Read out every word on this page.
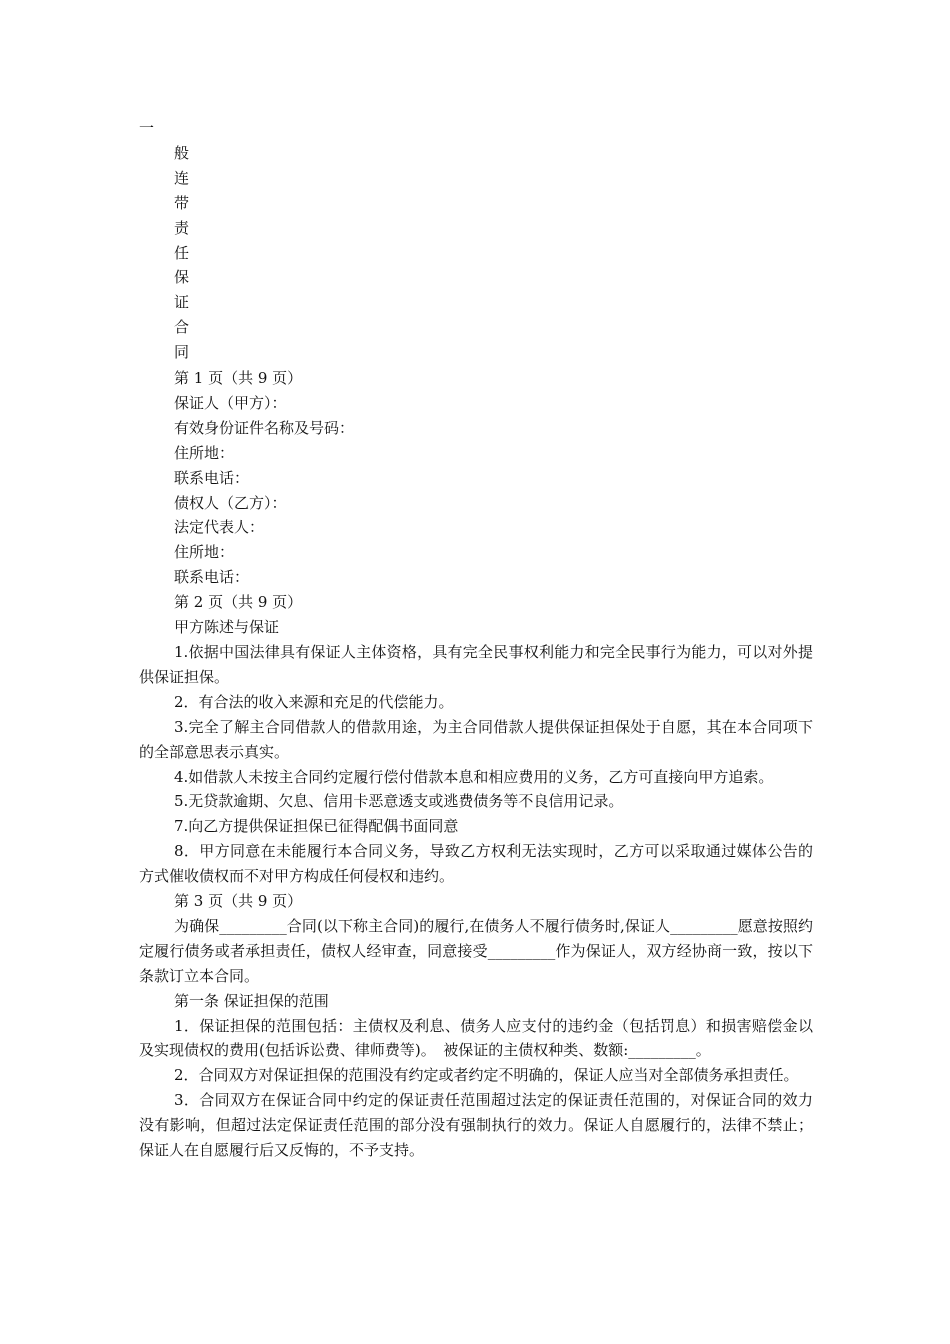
一
般
连
带
责
任
保
证
合
同

第 1 页（共 9 页）

保证人（甲方）：

有效身份证件名称及号码：

住所地：

联系电话：

债权人（乙方）：

法定代表人：

住所地：

联系电话：

第 2 页（共 9 页）

甲方陈述与保证

1.依据中国法律具有保证人主体资格，具有完全民事权利能力和完全民事行为能力，可以对外提供保证担保。

2．有合法的收入来源和充足的代偿能力。

3.完全了解主合同借款人的借款用途，为主合同借款人提供保证担保处于自愿，其在本合同项下的全部意思表示真实。

4.如借款人未按主合同约定履行偿付借款本息和相应费用的义务，乙方可直接向甲方追索。

5.无贷款逾期、欠息、信用卡恶意透支或逃费债务等不良信用记录。

7.向乙方提供保证担保已征得配偶书面同意

8．甲方同意在未能履行本合同义务，导致乙方权利无法实现时，乙方可以采取通过媒体公告的方式催收债权而不对甲方构成任何侵权和违约。

第 3 页（共 9 页）

为确保_________合同(以下称主合同)的履行,在债务人不履行债务时,保证人_________愿意按照约定履行债务或者承担责任，债权人经审查，同意接受_________作为保证人，双方经协商一致，按以下条款订立本合同。

第一条 保证担保的范围

1．保证担保的范围包括：主债权及利息、债务人应支付的违约金（包括罚息）和损害赔偿金以及实现债权的费用(包括诉讼费、律师费等)。　被保证的主债权种类、数额:_________。

2．合同双方对保证担保的范围没有约定或者约定不明确的，保证人应当对全部债务承担责任。

3．合同双方在保证合同中约定的保证责任范围超过法定的保证责任范围的，对保证合同的效力没有影响，但超过法定保证责任范围的部分没有强制执行的效力。保证人自愿履行的，法律不禁止；保证人在自愿履行后又反悔的，不予支持。
